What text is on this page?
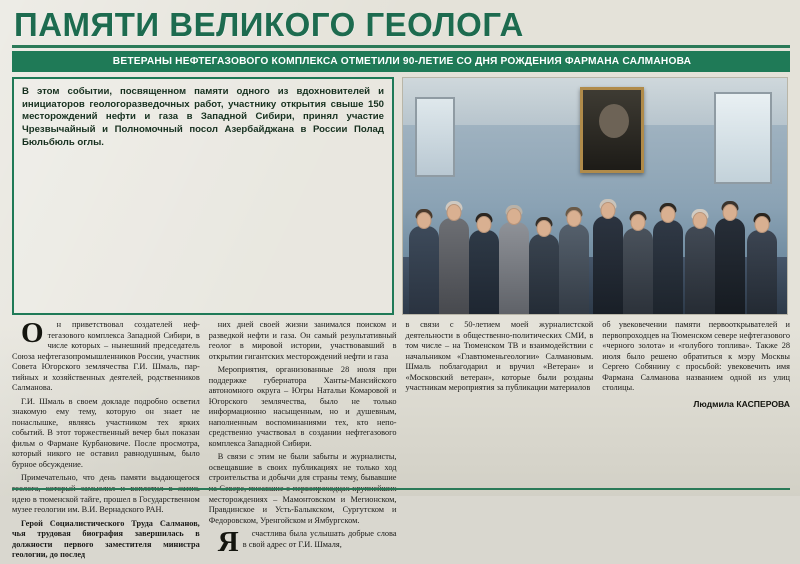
ПАМЯТИ ВЕЛИКОГО ГЕОЛОГА
ВЕТЕРАНЫ НЕФТЕГАЗОВОГО КОМПЛЕКСА ОТМЕТИЛИ 90-ЛЕТИЕ СО ДНЯ РОЖДЕНИЯ ФАРМАНА САЛМАНОВА
В этом событии, посвященном памяти одного из вдохновителей и инициаторов геологоразведочных работ, участнику открытия свыше 150 месторождений нефти и газа в Западной Сибири, принял участие Чрезвычайный и Полномочный посол Азербайджана в России Полад Бюльбюль оглы.

О	н приветствовал создателей нефтегазового комплекса Западной Сибири, в числе которых – нынешний председатель Союза нефтегазопромышленников России, участник Совета Югорского землячества Г.И. Шмаль, партийных и хозяйственных деятелей, родственников Салманова.

Г.И. Шмаль в своем докладе подробно осветил знакомую ему тему, которую он знает не понаслышке, являясь участником тех ярких событий. В этот торжественный вечер был показан фильм о Фармане Курбановиче. После просмотра, который никого не оставил равнодушным, было бурное обсуждение.

Примечательно, что день памяти выдающегося идею в тюменской тайге, прошел в Государственном музее геологии им. В.И. Вернадского РАН.

Герой Социалистического Труда Салманов, чья трудовая биография завершилась в должности первого заместителя министра геологии, до послед

них дней своей жизни занимался поиском и разведкой нефти и газа. Он самый результативный геолог в мировой истории, участвовавший в открытии гигантских месторождений нефти и газа

Мероприятия, организованные 28 июля при поддержке губернатора Ханты-Мансийского автономного округа – Югры Натальи Комаровой и Югорского землячества, было не только информационно насыщенным, но и душевным, наполненным воспоминаниями тех, кто непосредственно участвовал в создании нефтегазового комплекса Западной Сибири.

В связи с этим не были забыты и журналисты, освещавшие в своих публикациях не только ход строительства и добычи для страны тему, бывавшие месторождениях – Мамонтовском и Мегионском, Правдинское и Усть-Балыкском, Сургутском и Федоровском, Уренгойском и Ямбургском.

Я	счастлива была услышать добрые слова в свой адрес от Г.И. Шмаля,

в связи с 50-летием моей журналистской деятельности в общественно-политических СМИ, в том числе – на Тюменском ТВ и взаимодействии с начальником «Главтюменьгеологии» Салмановым. Шмаль поблагодарил и вручил «Ветеран» и «Московский ветеран», которые были розданы участникам мероприятия за публикации материалов

об увековечении памяти первооткрывателей и первопроходцев на Тюменском севере нефтегазового «черного золота» и «голубого топлива». Также 28 июля было решено обратиться к мэру Москвы Сергею Собянину с просьбой: увековечить имя Фармана Салманова названием одной из улиц столицы.

Людмила КАСПЕРОВА
